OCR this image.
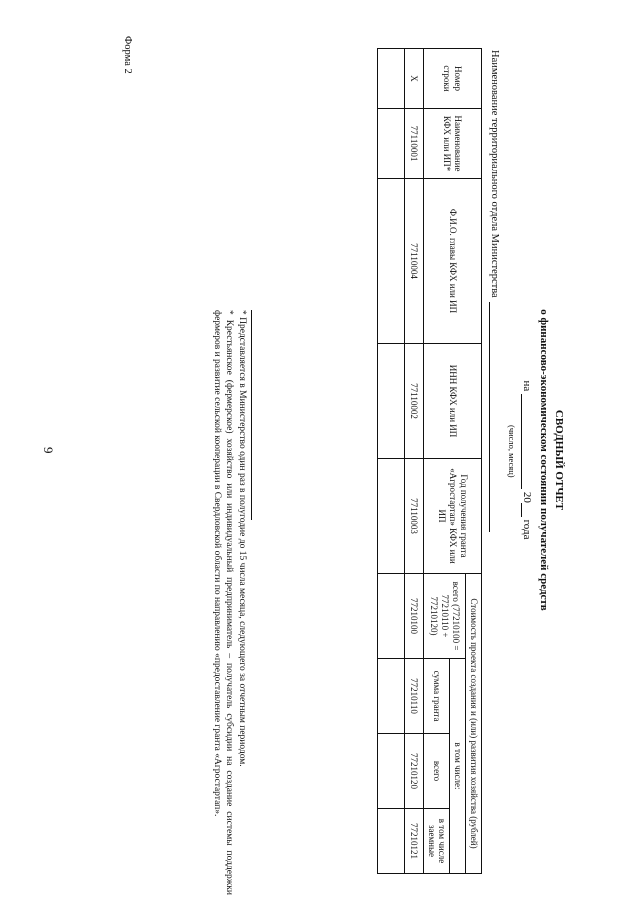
9
Форма 2
СВОДНЫЙ ОТЧЕТ
о финансово-экономическом состоянии получателей средств
на  20 года
(число, месяц)
Наименование территориального отдела Министерства
Номер строки	Наименование КФХ или ИП*	Ф.И.О. главы КФХ или ИП	ИНН КФХ или ИП	Год получения гранта «Агростартап» КФХ или ИП	Стоимость проекта создания и (или) развития хозяйства (рублей)			
					всего (77210100 = 77210110 + 77210120)	в том числе:		
						сумма гранта	всего	в том числе заемные
X	77110001	77110004	77110002	77110003	77210100	77210110	77210120	77210121

* Представляется в Министерство один раз в полугодие до 15 числа месяца, следующего за отчетным периодом.
* Крестьянское (фермерское) хозяйство или индивидуальный предприниматель – получатель субсидии на создание системы поддержки фермеров и развитие сельской кооперации в Свердловской области по направлению «предоставление гранта «Агростартап».
